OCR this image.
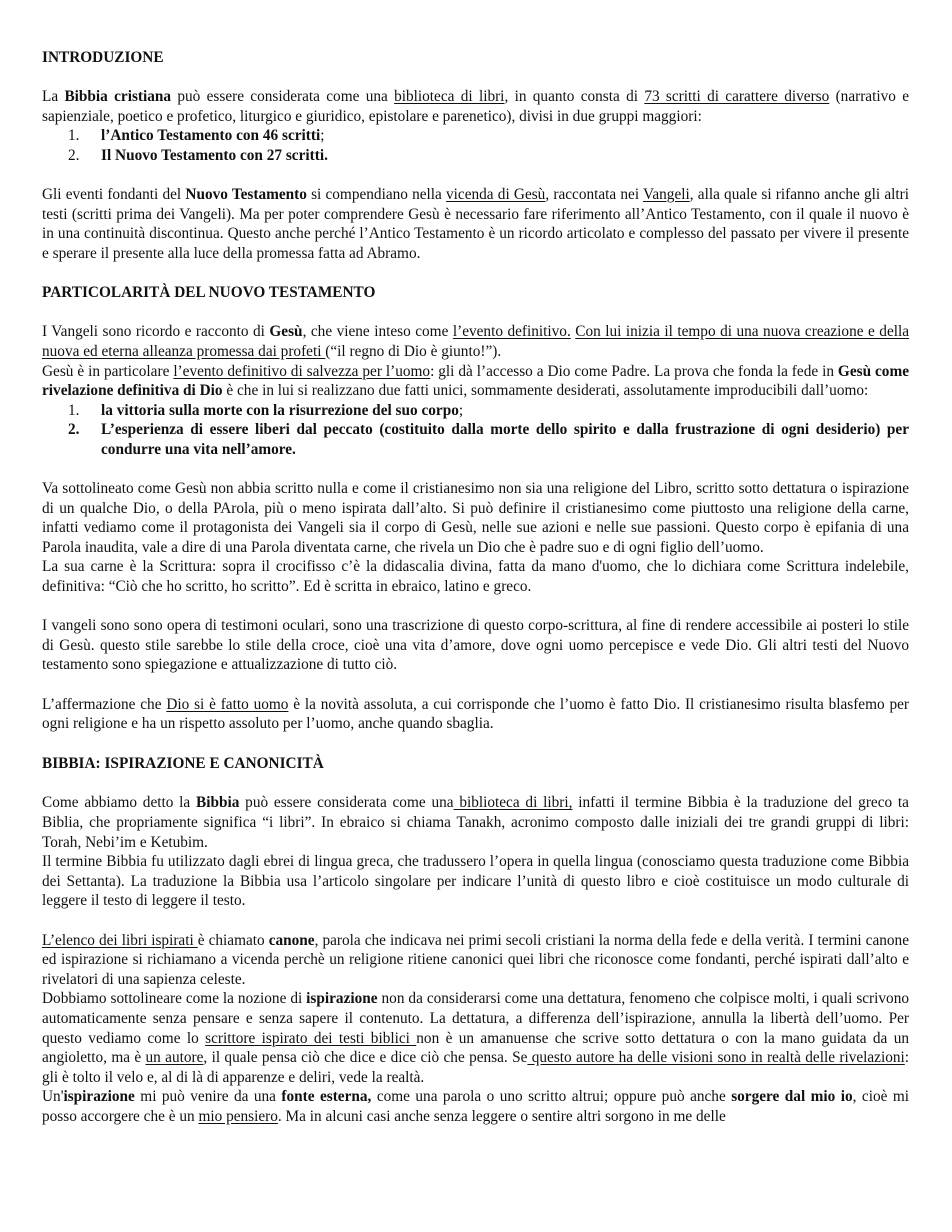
INTRODUZIONE

La Bibbia cristiana può essere considerata come una biblioteca di libri, in quanto consta di 73 scritti di carattere diverso (narrativo e sapienziale, poetico e profetico, liturgico e giuridico, epistolare e parenetico), divisi in due gruppi maggiori:

1. l’Antico Testamento con 46 scritti;
2. Il Nuovo Testamento con 27 scritti.

Gli eventi fondanti del Nuovo Testamento si compendiano nella vicenda di Gesù, raccontata nei Vangeli, alla quale si rifanno anche gli altri testi (scritti prima dei Vangeli). Ma per poter comprendere Gesù è necessario fare riferimento all’Antico Testamento, con il quale il nuovo è in una continuità discontinua. Questo anche perché l’Antico Testamento è un ricordo articolato e complesso del passato per vivere il presente e sperare il presente alla luce della promessa fatta ad Abramo.

PARTICOLARITÀ DEL NUOVO TESTAMENTO

I Vangeli sono ricordo e racconto di Gesù, che viene inteso come l’evento definitivo. Con lui inizia il tempo di una nuova creazione e della nuova ed eterna alleanza promessa dai profeti (“il regno di Dio è giunto!”).

Gesù è in particolare l’evento definitivo di salvezza per l’uomo: gli dà l’accesso a Dio come Padre. La prova che fonda la fede in Gesù come rivelazione definitiva di Dio è che in lui si realizzano due fatti unici, sommamente desiderati, assolutamente improducibili dall’uomo:

1. la vittoria sulla morte con la risurrezione del suo corpo;
2. L’esperienza di essere liberi dal peccato (costituito dalla morte dello spirito e dalla frustrazione di ogni desiderio) per condurre una vita nell’amore.

Va sottolineato come Gesù non abbia scritto nulla e come il cristianesimo non sia una religione del Libro, scritto sotto dettatura o ispirazione di un qualche Dio, o della PArola, più o meno ispirata dall’alto. Si può definire il cristianesimo come piuttosto una religione della carne, infatti vediamo come il protagonista dei Vangeli sia il corpo di Gesù, nelle sue azioni e nelle sue passioni. Questo corpo è epifania di una Parola inaudita, vale a dire di una Parola diventata carne, che rivela un Dio che è padre suo e di ogni figlio dell’uomo.

La sua carne è la Scrittura: sopra il crocifisso c’è la didascalia divina, fatta da mano d'uomo, che lo dichiara come Scrittura indelebile, definitiva: “Ciò che ho scritto, ho scritto”. Ed è scritta in ebraico, latino e greco.

I vangeli sono sono opera di testimoni oculari, sono una trascrizione di questo corpo-scrittura, al fine di rendere accessibile ai posteri lo stile di Gesù. questo stile sarebbe lo stile della croce, cioè una vita d’amore, dove ogni uomo percepisce e vede Dio. Gli altri testi del Nuovo testamento sono spiegazione e attualizzazione di tutto ciò.

L’affermazione che Dio si è fatto uomo è la novità assoluta, a cui corrisponde che l’uomo è fatto Dio. Il cristianesimo risulta blasfemo per ogni religione e ha un rispetto assoluto per l’uomo, anche quando sbaglia.

BIBBIA: ISPIRAZIONE E CANONICITÀ

Come abbiamo detto la Bibbia può essere considerata come una biblioteca di libri, infatti il termine Bibbia è la traduzione del greco ta Biblia, che propriamente significa “i libri”. In ebraico si chiama Tanakh, acronimo composto dalle iniziali dei tre grandi gruppi di libri: Torah, Nebi’im e Ketubim.

Il termine Bibbia fu utilizzato dagli ebrei di lingua greca, che tradussero l’opera in quella lingua (conosciamo questa traduzione come Bibbia dei Settanta). La traduzione la Bibbia usa l’articolo singolare per indicare l’unità di questo libro e cioè costituisce un modo culturale di leggere il testo di leggere il testo.

L’elenco dei libri ispirati è chiamato canone, parola che indicava nei primi secoli cristiani la norma della fede e della verità. I termini canone ed ispirazione si richiamano a vicenda perchè un religione ritiene canonici quei libri che riconosce come fondanti, perché ispirati dall’alto e rivelatori di una sapienza celeste.

Dobbiamo sottolineare come la nozione di ispirazione non da considerarsi come una dettatura, fenomeno che colpisce molti, i quali scrivono automaticamente senza pensare e senza sapere il contenuto. La dettatura, a differenza dell’ispirazione, annulla la libertà dell’uomo. Per questo vediamo come lo scrittore ispirato dei testi biblici non è un amanuense che scrive sotto dettatura o con la mano guidata da un angioletto, ma è un autore, il quale pensa ciò che dice e dice ciò che pensa. Se questo autore ha delle visioni sono in realtà delle rivelazioni: gli è tolto il velo e, al di là di apparenze e deliri, vede la realtà.

Un'ispirazione mi può venire da una fonte esterna, come una parola o uno scritto altrui; oppure può anche sorgere dal mio io, cioè mi posso accorgere che è un mio pensiero. Ma in alcuni casi anche senza leggere o sentire altri sorgono in me delle
